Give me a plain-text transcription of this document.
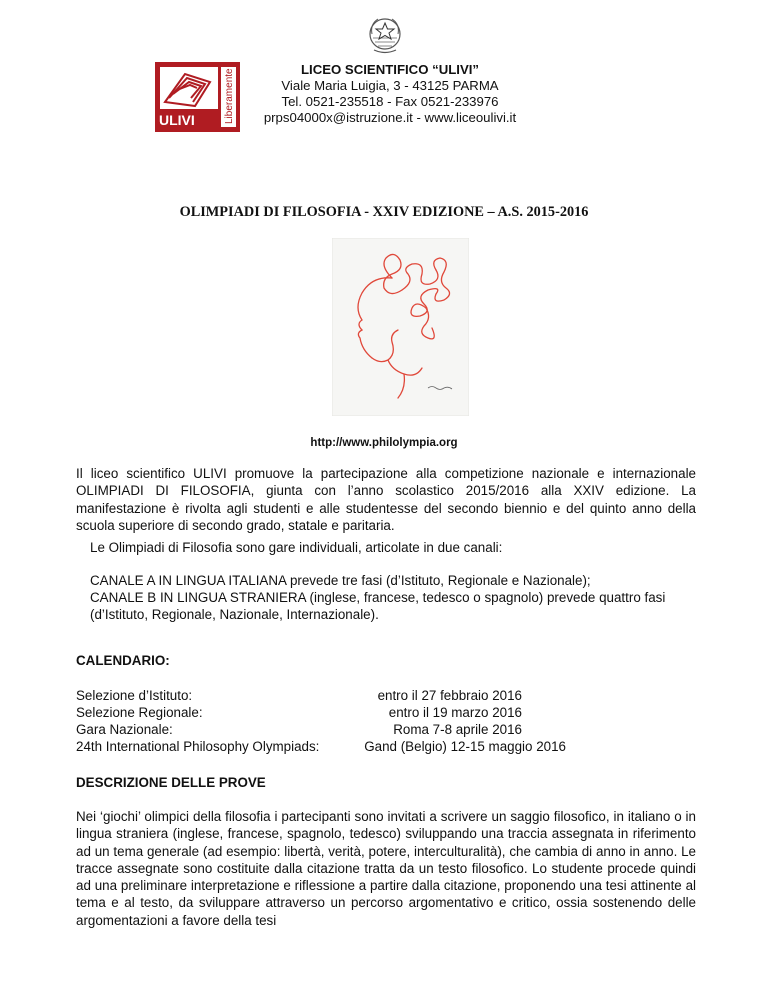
ULIVI	Liberamente	LICEO SCIENTIFICO “ULIVI”
Viale Maria Luigia, 3 - 43125 PARMA
Tel. 0521-235518 - Fax 0521-233976
prps04000x@istruzione.it - www.liceoulivi.it
OLIMPIADI DI FILOSOFIA - XXIV EDIZIONE – A.S. 2015-2016
http://www.philolympia.org
Il liceo scientifico ULIVI promuove la partecipazione alla competizione nazionale e internazionale OLIMPIADI DI FILOSOFIA, giunta con l’anno scolastico 2015/2016 alla XXIV edizione. La manifestazione è rivolta agli studenti e alle studentesse del secondo biennio e del quinto anno della scuola superiore di secondo grado, statale e paritaria.
Le Olimpiadi di Filosofia sono gare individuali, articolate in due canali:
CANALE A IN LINGUA ITALIANA prevede tre fasi (d’Istituto, Regionale e Nazionale);
CANALE B IN LINGUA STRANIERA (inglese, francese, tedesco o spagnolo) prevede quattro fasi (d’Istituto, Regionale, Nazionale, Internazionale).
CALENDARIO:
Selezione d’Istituto:	entro il 27 febbraio 2016
Selezione Regionale:	entro il 19 marzo 2016
Gara Nazionale:	Roma 7-8 aprile 2016
24th International Philosophy Olympiads:	Gand (Belgio) 12-15 maggio 2016
DESCRIZIONE DELLE PROVE
Nei ‘giochi’ olimpici della filosofia i partecipanti sono invitati a scrivere un saggio filosofico, in italiano o in lingua straniera (inglese, francese, spagnolo, tedesco) sviluppando una traccia assegnata in riferimento ad un tema generale (ad esempio: libertà, verità, potere, interculturalità), che cambia di anno in anno. Le tracce assegnate sono costituite dalla citazione tratta da un testo filosofico. Lo studente procede quindi ad una preliminare interpretazione e riflessione a partire dalla citazione, proponendo una tesi attinente al tema e al testo, da sviluppare attraverso un percorso argomentativo e critico, ossia sostenendo delle argomentazioni a favore della tesi
